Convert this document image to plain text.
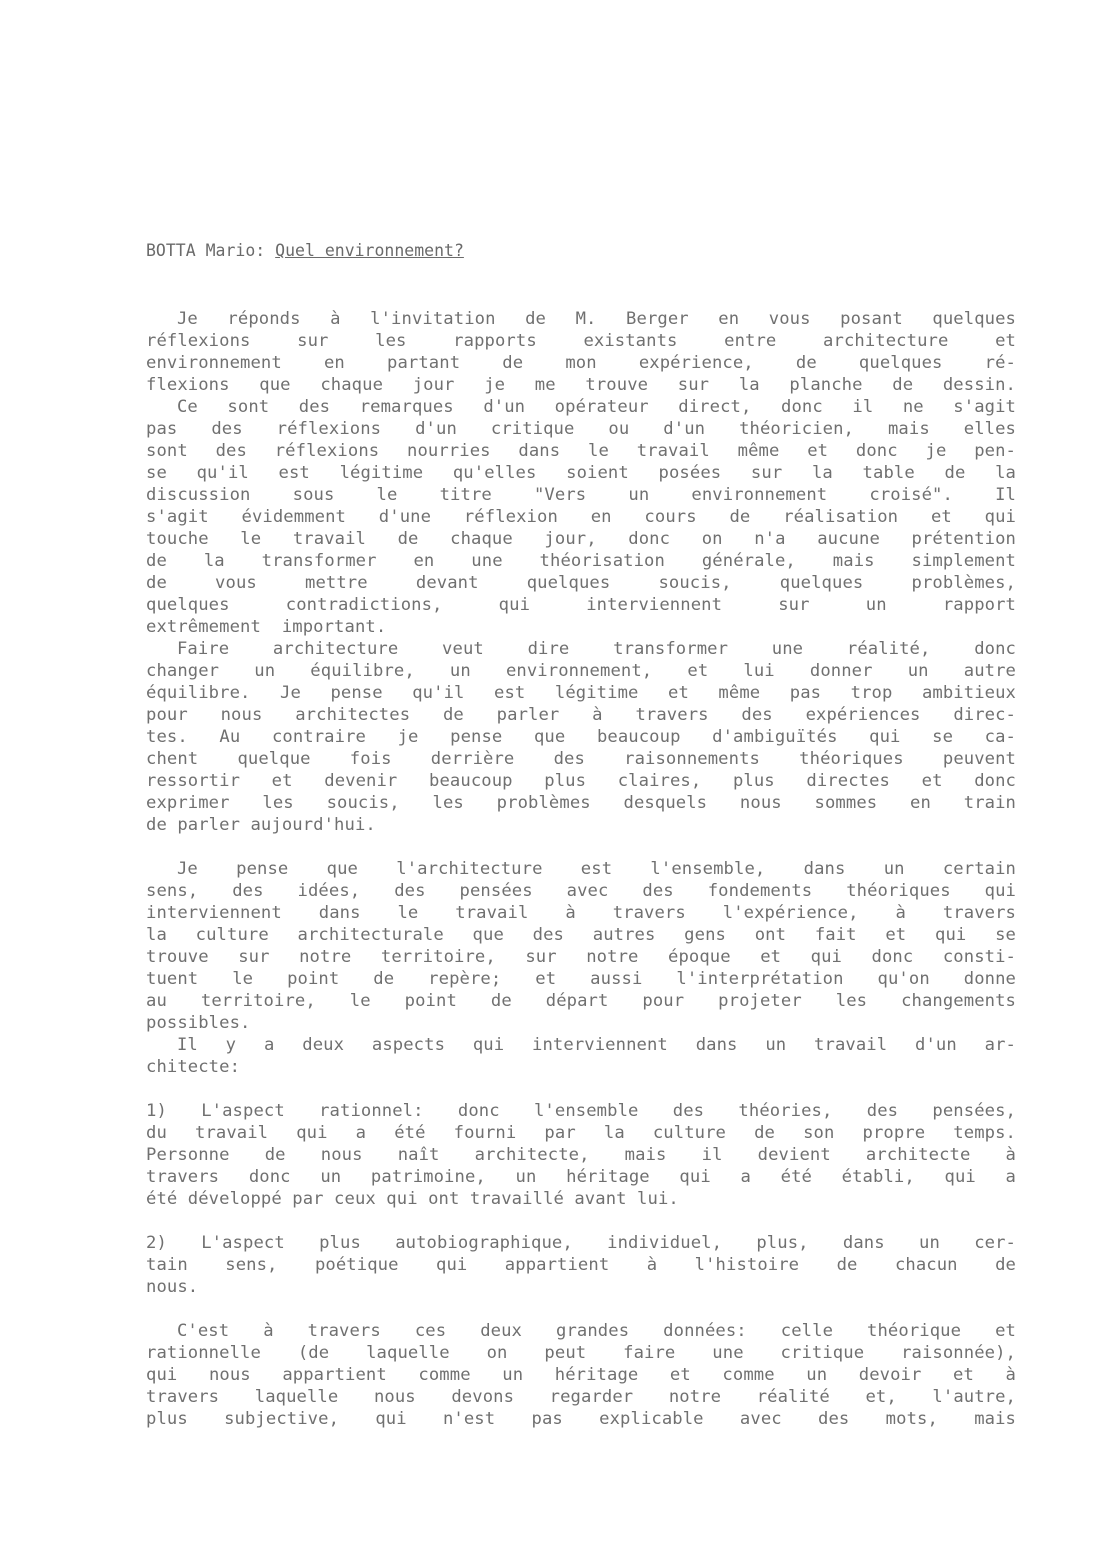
BOTTA Mario: Quel environnement?
Je réponds à l'invitation de M. Berger en vous posant quelques
réflexions sur les rapports existants entre architecture et
environnement en partant de mon expérience, de quelques ré-
flexions que chaque jour je me trouve sur la planche de dessin.
Ce sont des remarques d'un opérateur direct, donc il ne s'agit
pas des réflexions d'un critique ou d'un théoricien, mais elles
sont des réflexions nourries dans le travail même et donc je pen-
se qu'il est légitime qu'elles soient posées sur la table de la
discussion sous le titre "Vers un environnement croisé". Il
s'agit évidemment d'une réflexion en cours de réalisation et qui
touche le travail de chaque jour, donc on n'a aucune prétention
de la transformer en une théorisation générale, mais simplement
de vous mettre devant quelques soucis, quelques problèmes,
quelques contradictions, qui interviennent sur un rapport
extrêmement  important.
Faire architecture veut dire transformer une réalité, donc
changer un équilibre, un environnement, et lui donner un autre
équilibre. Je pense qu'il est légitime et même pas trop ambitieux
pour nous architectes de parler à travers des expériences direc-
tes. Au contraire je pense que beaucoup d'ambiguïtés qui se ca-
chent quelque fois derrière des raisonnements théoriques peuvent
ressortir et devenir beaucoup plus claires, plus directes et donc
exprimer les soucis, les problèmes desquels nous sommes en train
de parler aujourd'hui.

Je pense que l'architecture est l'ensemble, dans un certain
sens, des idées, des pensées avec des fondements théoriques qui
interviennent dans le travail à travers l'expérience, à travers
la culture architecturale que des autres gens ont fait et qui se
trouve sur notre territoire, sur notre époque et qui donc consti-
tuent le point de repère; et aussi l'interprétation qu'on donne
au territoire, le point de départ pour projeter les changements
possibles.
Il y a deux aspects qui interviennent dans un travail d'un ar-
chitecte:

1) L'aspect rationnel: donc l'ensemble des théories, des pensées,
du travail qui a été fourni par la culture de son propre temps.
Personne de nous naît architecte, mais il devient architecte à
travers donc un patrimoine, un héritage qui a été établi, qui a
été développé par ceux qui ont travaillé avant lui.

2) L'aspect plus autobiographique, individuel, plus, dans un cer-
tain sens, poétique qui appartient à l'histoire de chacun de
nous.

C'est à travers ces deux grandes données: celle théorique et
rationnelle (de laquelle on peut faire une critique raisonnée),
qui nous appartient comme un héritage et comme un devoir et à
travers laquelle nous devons regarder notre réalité et, l'autre,
plus subjective, qui n'est pas explicable avec des mots, mais
